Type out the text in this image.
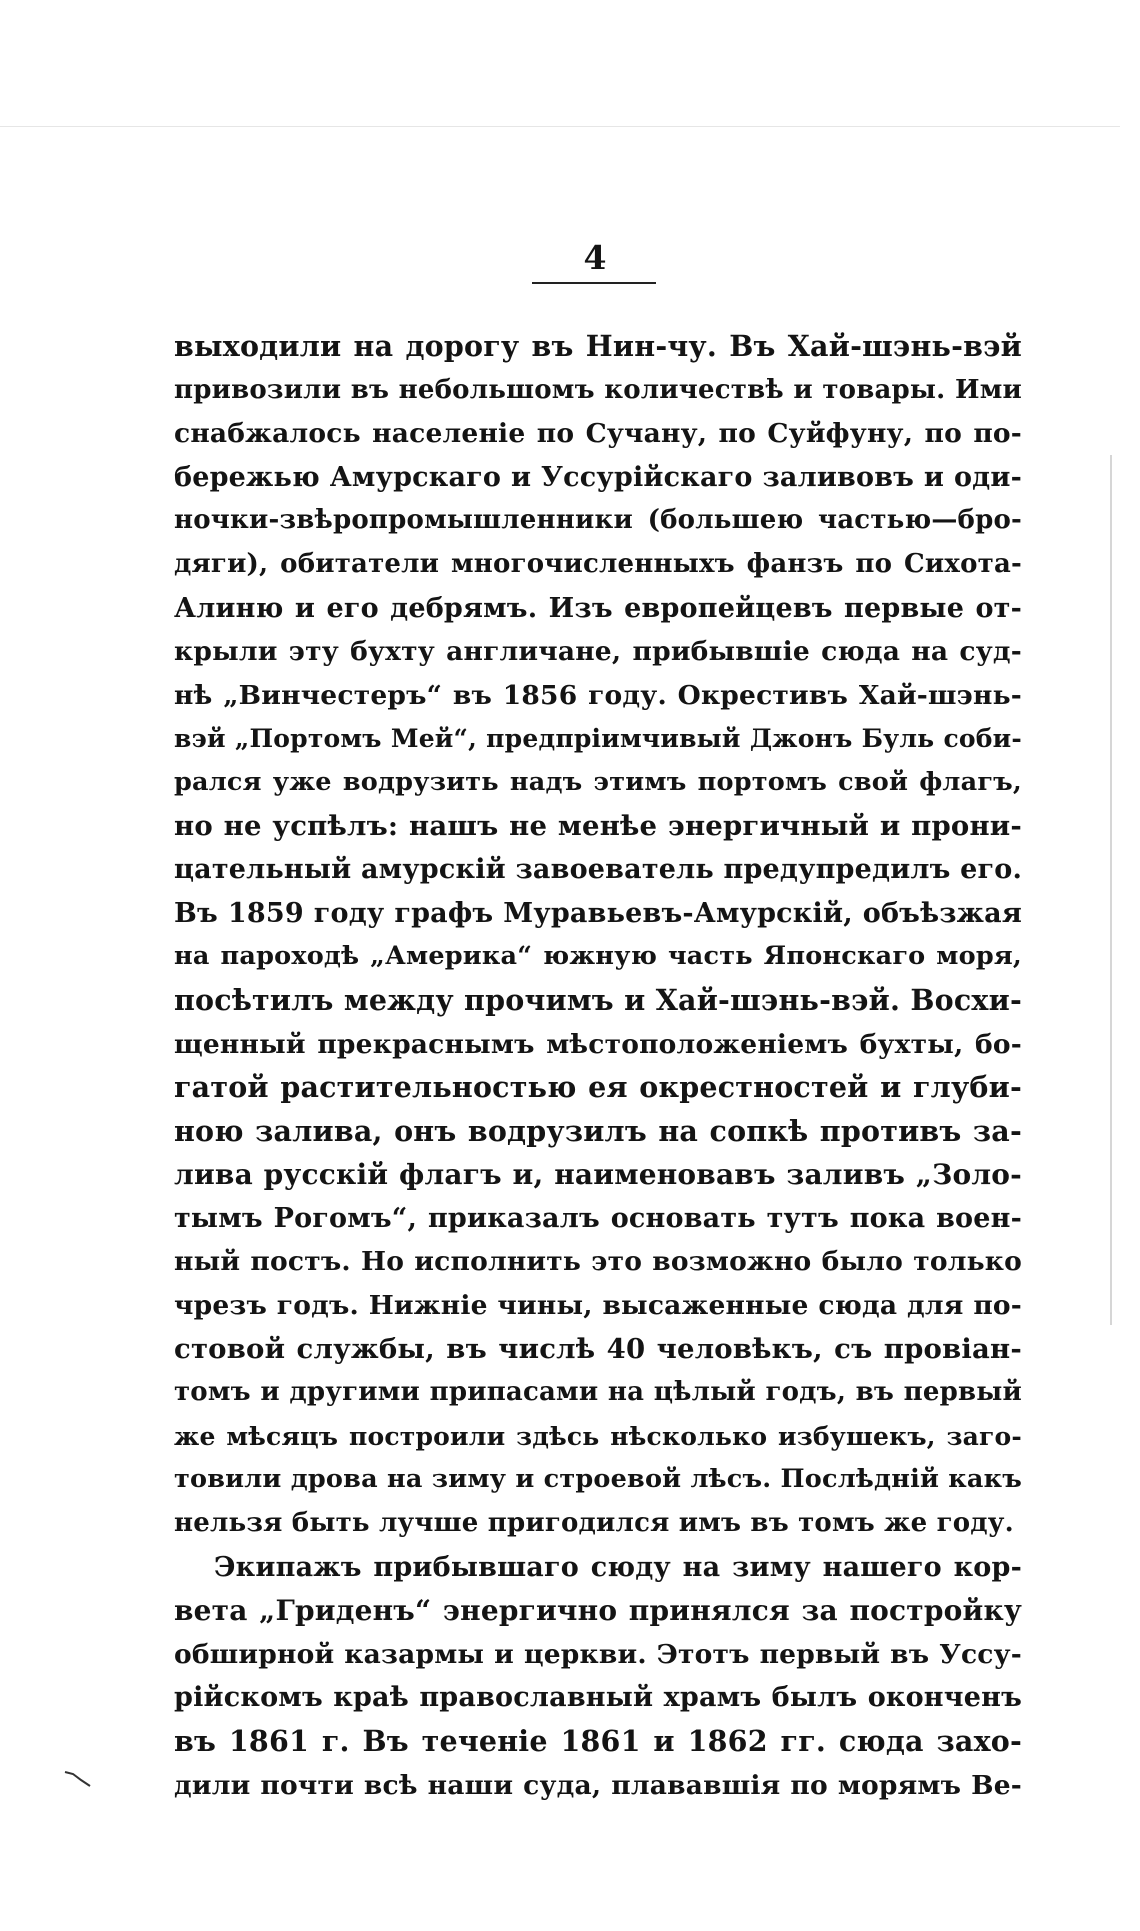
4
выходили на дорогу въ Нин-чу. Въ Хай-шэнь-вэй
привозили въ небольшомъ количествѣ и товары. Ими
снабжалось населеніе по Сучану, по Суйфуну, по по-
бережью Амурскаго и Уссурійскаго заливовъ и оди-
ночки-звѣропромышленники (большею частью—бро-
дяги), обитатели многочисленныхъ фанзъ по Сихота-
Алиню и его дебрямъ. Изъ европейцевъ первые от-
крыли эту бухту англичане, прибывшіе сюда на суд-
нѣ „Винчестеръ“ въ 1856 году. Окрестивъ Хай-шэнь-
вэй „Портомъ Мей“, предпріимчивый Джонъ Буль соби-
рался уже водрузить надъ этимъ портомъ свой флагъ,
но не успѣлъ: нашъ не менѣе энергичный и прони-
цательный амурскій завоеватель предупредилъ его.
Въ 1859 году графъ Муравьевъ-Амурскій, объѣзжая
на пароходѣ „Америка“ южную часть Японскаго моря,
посѣтилъ между прочимъ и Хай-шэнь-вэй. Восхи-
щенный прекраснымъ мѣстоположеніемъ бухты, бо-
гатой растительностью ея окрестностей и глуби-
ною залива, онъ водрузилъ на сопкѣ противъ за-
лива русскій флагъ и, наименовавъ заливъ „Золо-
тымъ Рогомъ“, приказалъ основать тутъ пока воен-
ный постъ. Но исполнить это возможно было только
чрезъ годъ. Нижніе чины, высаженные сюда для по-
стовой службы, въ числѣ 40 человѣкъ, съ провіан-
томъ и другими припасами на цѣлый годъ, въ первый
же мѣсяцъ построили здѣсь нѣсколько избушекъ, заго-
товили дрова на зиму и строевой лѣсъ. Послѣдній какъ
нельзя быть лучше пригодился имъ въ томъ же году.
Экипажъ прибывшаго сюду на зиму нашего кор-
вета „Гриденъ“ энергично принялся за постройку
обширной казармы и церкви. Этотъ первый въ Уссу-
рійскомъ краѣ православный храмъ былъ оконченъ
въ 1861 г. Въ теченіе 1861 и 1862 гг. сюда захо-
дили почти всѣ наши суда, плававшія по морямъ Ве-
